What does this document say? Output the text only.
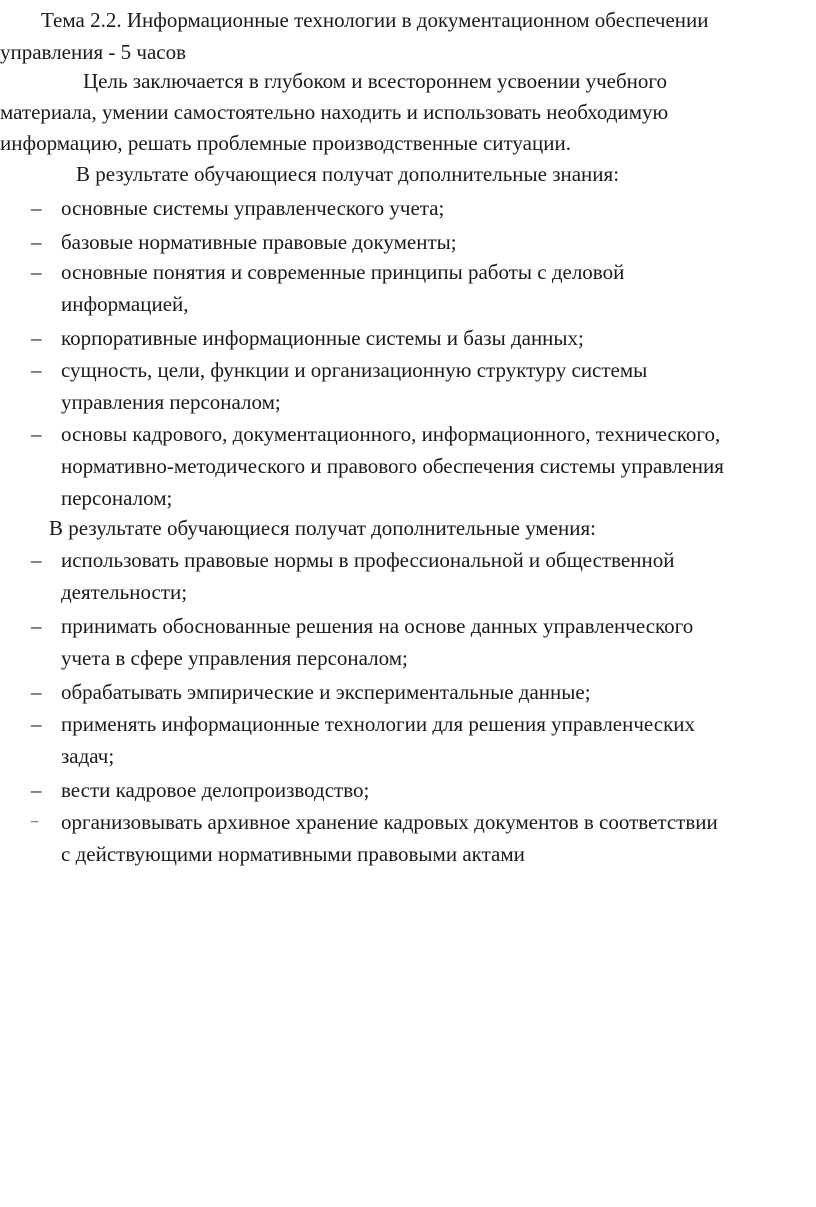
Тема 2.2. Информационные технологии в документационном обеспечении
управления - 5 часов
Цель заключается в глубоком и всестороннем усвоении учебного
материала, умении самостоятельно находить и использовать необходимую
информацию, решать проблемные производственные ситуации.
В результате обучающиеся получат дополнительные знания:
– основные системы управленческого учета;
– базовые нормативные правовые документы;
– основные понятия и современные принципы работы с деловой
информацией,
– корпоративные информационные системы и базы данных;
– сущность, цели, функции и организационную структуру системы
управления персоналом;
– основы кадрового, документационного, информационного, технического,
нормативно-методического и правового обеспечения системы управления
персоналом;
В результате обучающиеся получат дополнительные умения:
– использовать правовые нормы в профессиональной и общественной
деятельности;
– принимать обоснованные решения на основе данных управленческого
учета в сфере управления персоналом;
– обрабатывать эмпирические и экспериментальные данные;
– применять информационные технологии для решения управленческих
задач;
– вести кадровое делопроизводство;
– организовывать архивное хранение кадровых документов в соответствии
с действующими нормативными правовыми актами
